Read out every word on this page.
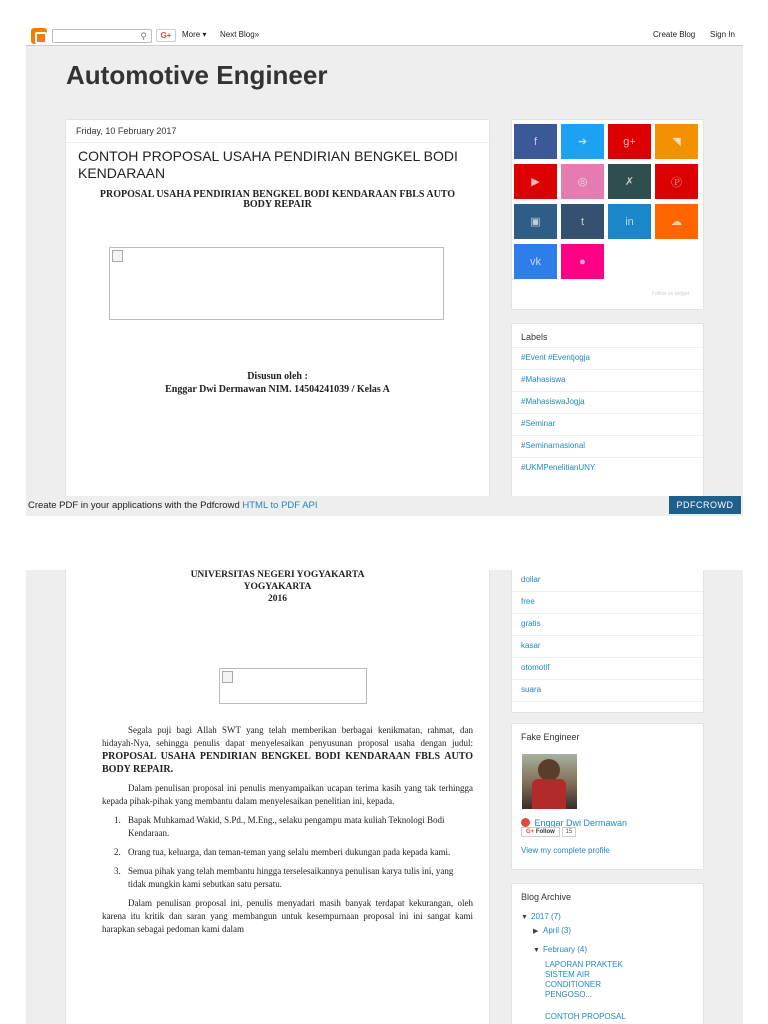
⚲	G+	More ▾ Next Blog»	Create Blog Sign In
Automotive Engineer
Friday, 10 February 2017
CONTOH PROPOSAL USAHA PENDIRIAN BENGKEL BODI KENDARAAN
PROPOSAL USAHA PENDIRIAN BENGKEL BODI KENDARAAN FBLS AUTO BODY REPAIR
Disusun oleh :
Enggar Dwi Dermawan NIM. 14504241039 / Kelas A
f	➔	g+	◥
▶	◎	✗	Ⓟ
▣	t	in	☁
vk	●
Follow us widget
Labels
#Event #Eventjogja
#Mahasiswa
#MahasiswaJogja
#Seminar
#Seminarnasional
#UKMPenelitianUNY
Create PDF in your applications with the Pdfcrowd HTML to PDF API	PDFCROWD
UNIVERSITAS NEGERI YOGYAKARTA
YOGYAKARTA
2016
Segala puji bagi Allah SWT yang telah memberikan berbagai kenikmatan, rahmat, dan hidayah-Nya, sehingga penulis dapat menyelesaikan penyusunan proposal usaha dengan judul: PROPOSAL USAHA PENDIRIAN BENGKEL BODI KENDARAAN FBLS AUTO BODY REPAIR.
Dalam penulisan proposal ini penulis menyampaikan ucapan terima kasih yang tak terhingga kepada pihak-pihak yang membantu dalam menyelesaikan penelitian ini, kepada.
1. Bapak Muhkamad Wakid, S.Pd., M.Eng., selaku pengampu mata kuliah Teknologi Bodi Kendaraan.
2. Orang tua, keluarga, dan teman-teman yang selalu memberi dukungan pada kepada kami.
3. Semua pihak yang telah membantu hingga terselesaikannya penulisan karya tulis ini, yang tidak mungkin kami sebutkan satu persatu.
Dalam penulisan proposal ini, penulis menyadari masih banyak terdapat kekurangan, oleh karena itu kritik dan saran yang membangun untuk kesempurnaan proposal ini ini sangat kami harapkan sebagai pedoman kami dalam
dollar
free
gratis
kasar
otomotif
suara
Fake Engineer
Enggar Dwi Dermawan
G+ Follow 15
View my complete profile
Blog Archive
▼ 2017 (7)
▶ April (3)
▼ February (4)
LAPORAN PRAKTEK SISTEM AIR CONDITIONER PENGOSO...
CONTOH PROPOSAL
